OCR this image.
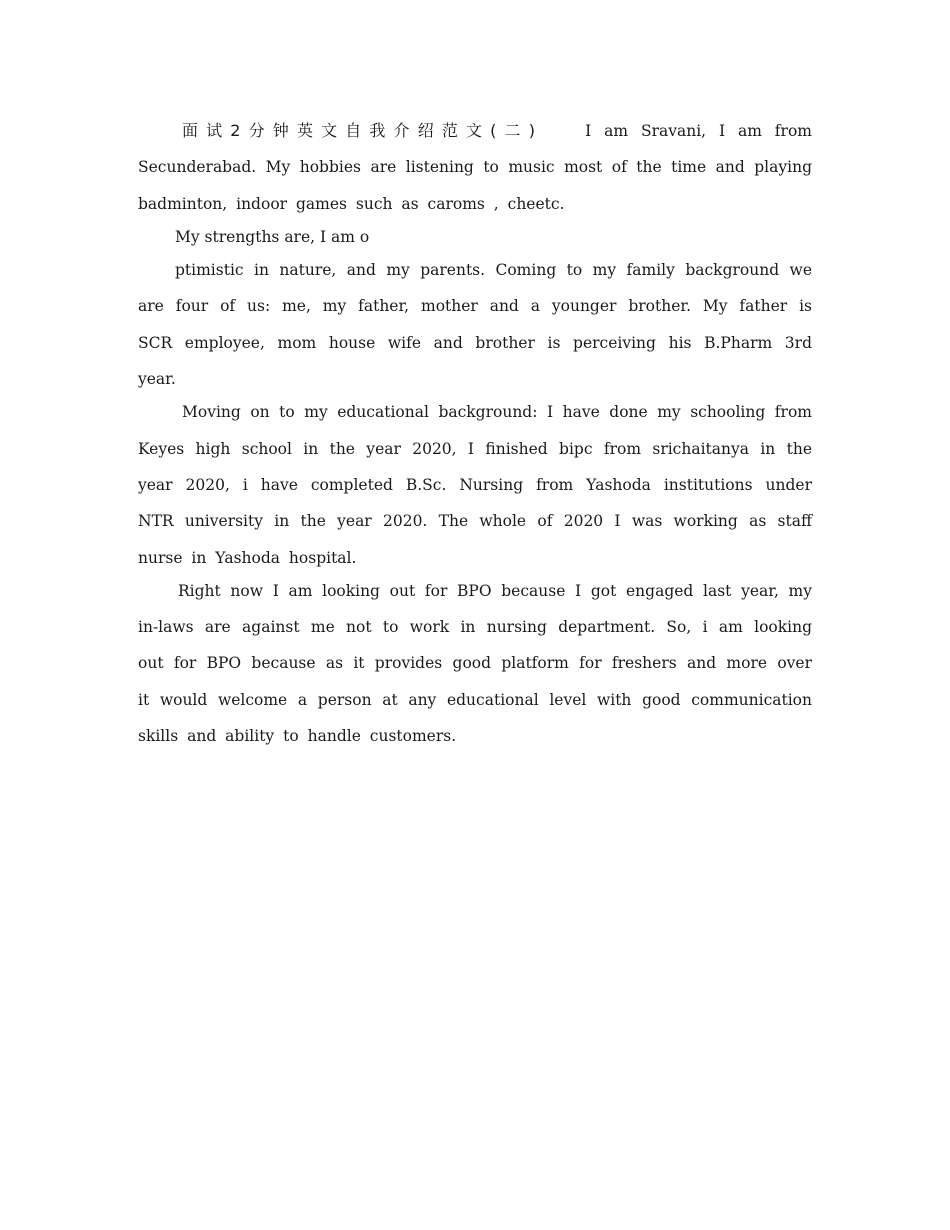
面试2分钟英文自我介绍范文(二)	I am Sravani, I am from Secunderabad. My hobbies are listening to music most of the time and playing badminton, indoor games such as caroms , cheetc.

My strengths are, I am o

ptimistic in nature, and my parents. Coming to my family background we are four of us: me, my father, mother and a younger brother. My father is SCR employee, mom house wife and brother is perceiving his B.Pharm 3rd year.

Moving on to my educational background: I have done my schooling from Keyes high school in the year 2020, I finished bipc from srichaitanya in the year 2020, i have completed B.Sc. Nursing from Yashoda institutions under NTR university in the year 2020. The whole of 2020 I was working as staff nurse in Yashoda hospital.

Right now I am looking out for BPO because I got engaged last year, my in-laws are against me not to work in nursing department. So, i am looking out for BPO because as it provides good platform for freshers and more over it would welcome a person at any educational level with good communication skills and ability to handle customers.
